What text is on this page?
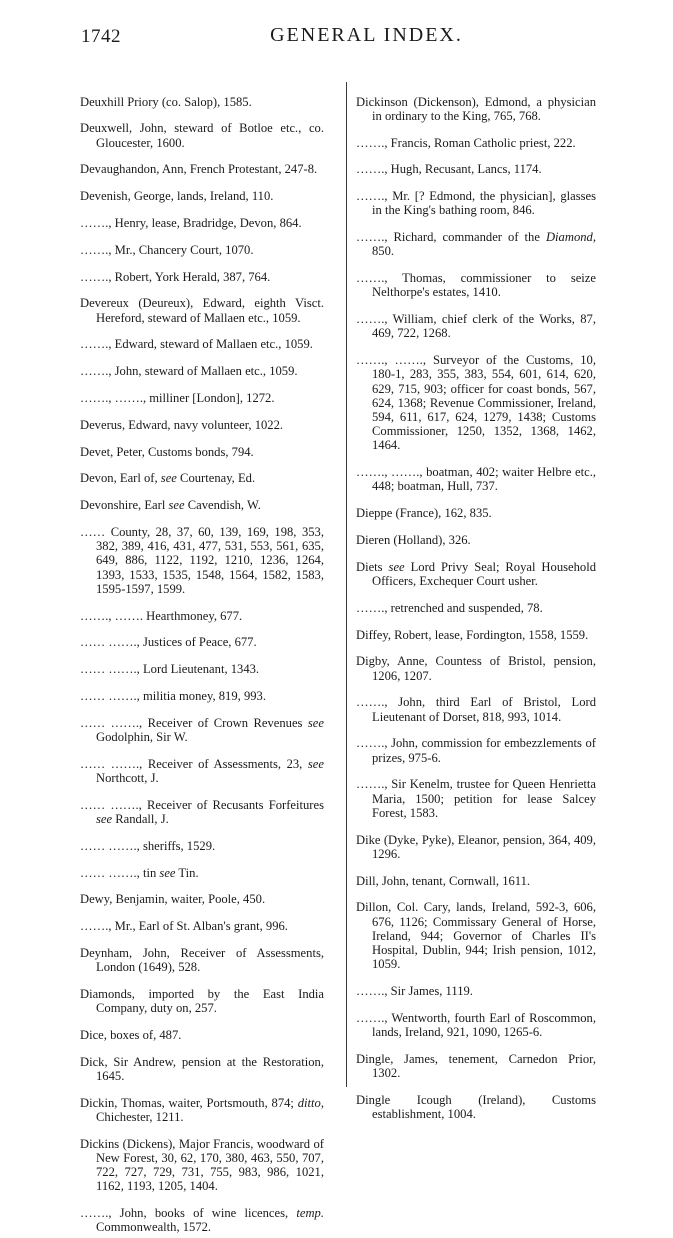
1742	GENERAL INDEX.

Deuxhill Priory (co. Salop), 1585.

Deuxwell, John, steward of Botloe etc., co. Gloucester, 1600.

Devaughandon, Ann, French Protestant, 247-8.

Devenish, George, lands, Ireland, 110.

……., Henry, lease, Bradridge, Devon, 864.

……., Mr., Chancery Court, 1070.

……., Robert, York Herald, 387, 764.

Devereux (Deureux), Edward, eighth Visct. Hereford, steward of Mallaen etc., 1059.

……., Edward, steward of Mallaen etc., 1059.

……., John, steward of Mallaen etc., 1059.

……., ……., milliner [London], 1272.

Deverus, Edward, navy volunteer, 1022.

Devet, Peter, Customs bonds, 794.

Devon, Earl of, see Courtenay, Ed.

Devonshire, Earl see Cavendish, W.

…… County, 28, 37, 60, 139, 169, 198, 353, 382, 389, 416, 431, 477, 531, 553, 561, 635, 649, 886, 1122, 1192, 1210, 1236, 1264, 1393, 1533, 1535, 1548, 1564, 1582, 1583, 1595-1597, 1599.

……., ……. Hearthmoney, 677.

…… ……., Justices of Peace, 677.

…… ……., Lord Lieutenant, 1343.

…… ……., militia money, 819, 993.

…… ……., Receiver of Crown Revenues see Godolphin, Sir W.

…… ……., Receiver of Assessments, 23, see Northcott, J.

…… ……., Receiver of Recusants Forfeitures see Randall, J.

…… ……., sheriffs, 1529.

…… ……., tin see Tin.

Dewy, Benjamin, waiter, Poole, 450.

……., Mr., Earl of St. Alban's grant, 996.

Deynham, John, Receiver of Assessments, London (1649), 528.

Diamonds, imported by the East India Company, duty on, 257.

Dice, boxes of, 487.

Dick, Sir Andrew, pension at the Restoration, 1645.

Dickin, Thomas, waiter, Portsmouth, 874; ditto, Chichester, 1211.

Dickins (Dickens), Major Francis, woodward of New Forest, 30, 62, 170, 380, 463, 550, 707, 722, 727, 729, 731, 755, 983, 986, 1021, 1162, 1193, 1205, 1404.

……., John, books of wine licences, temp. Commonwealth, 1572.

Dickinson (Dickenson), Edmond, a physician in ordinary to the King, 765, 768.

……., Francis, Roman Catholic priest, 222.

……., Hugh, Recusant, Lancs, 1174.

……., Mr. [? Edmond, the physician], glasses in the King's bathing room, 846.

……., Richard, commander of the Diamond, 850.

……., Thomas, commissioner to seize Nelthorpe's estates, 1410.

……., William, chief clerk of the Works, 87, 469, 722, 1268.

……., ……., Surveyor of the Customs, 10, 180-1, 283, 355, 383, 554, 601, 614, 620, 629, 715, 903; officer for coast bonds, 567, 624, 1368; Revenue Commissioner, Ireland, 594, 611, 617, 624, 1279, 1438; Customs Commissioner, 1250, 1352, 1368, 1462, 1464.

……., ……., boatman, 402; waiter Helbre etc., 448; boatman, Hull, 737.

Dieppe (France), 162, 835.

Dieren (Holland), 326.

Diets see Lord Privy Seal; Royal Household Officers, Exchequer Court usher.

……., retrenched and suspended, 78.

Diffey, Robert, lease, Fordington, 1558, 1559.

Digby, Anne, Countess of Bristol, pension, 1206, 1207.

……., John, third Earl of Bristol, Lord Lieutenant of Dorset, 818, 993, 1014.

……., John, commission for embezzlements of prizes, 975-6.

……., Sir Kenelm, trustee for Queen Henrietta Maria, 1500; petition for lease Salcey Forest, 1583.

Dike (Dyke, Pyke), Eleanor, pension, 364, 409, 1296.

Dill, John, tenant, Cornwall, 1611.

Dillon, Col. Cary, lands, Ireland, 592-3, 606, 676, 1126; Commissary General of Horse, Ireland, 944; Governor of Charles II's Hospital, Dublin, 944; Irish pension, 1012, 1059.

……., Sir James, 1119.

……., Wentworth, fourth Earl of Roscommon, lands, Ireland, 921, 1090, 1265-6.

Dingle, James, tenement, Carnedon Prior, 1302.

Dingle Icough (Ireland), Customs establishment, 1004.
